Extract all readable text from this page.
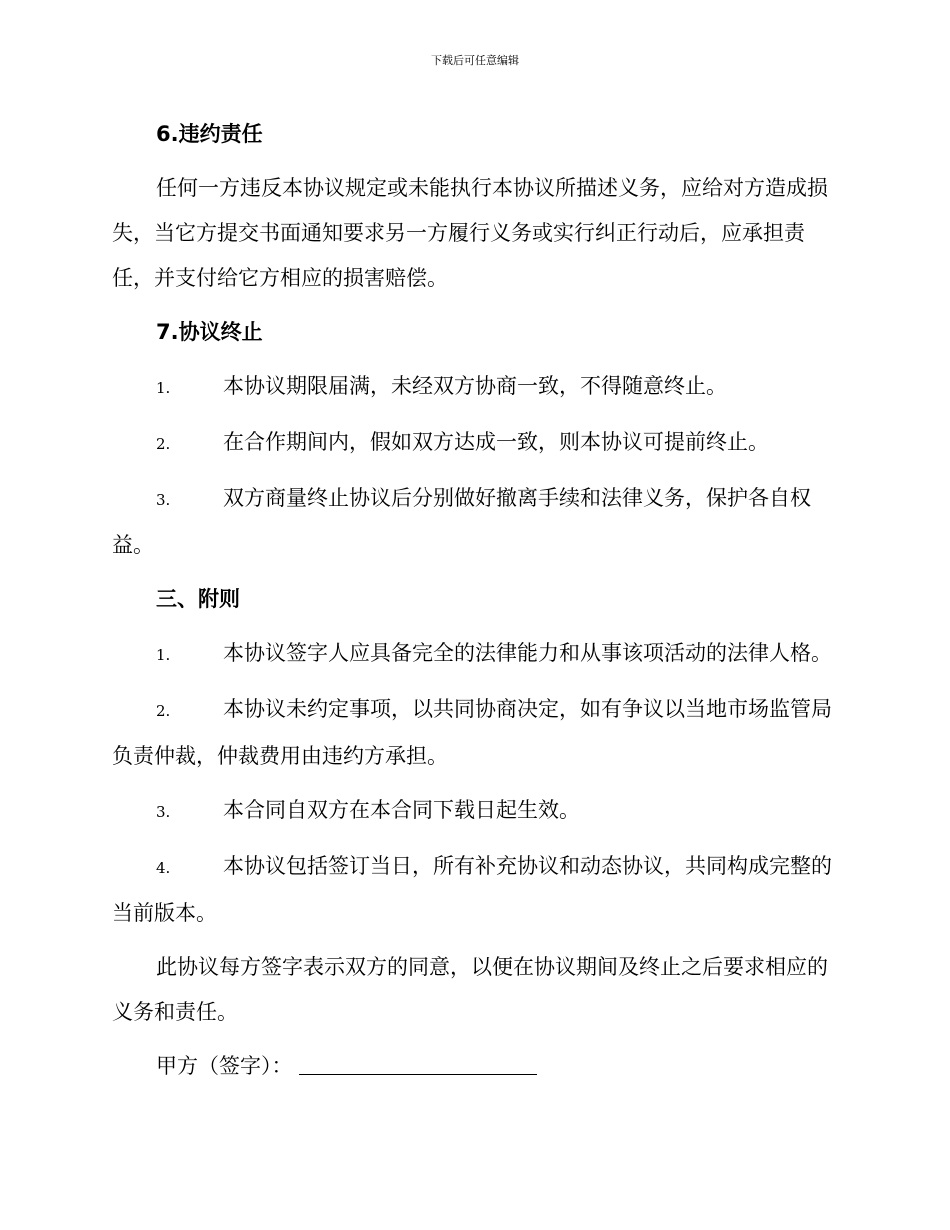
下载后可任意编辑
6.违约责任
任何一方违反本协议规定或未能执行本协议所描述义务，应给对方造成损失，当它方提交书面通知要求另一方履行义务或实行纠正行动后，应承担责任，并支付给它方相应的损害赔偿。
7.协议终止
1.	本协议期限届满，未经双方协商一致，不得随意终止。
2.	在合作期间内，假如双方达成一致，则本协议可提前终止。
3.	双方商量终止协议后分别做好撤离手续和法律义务，保护各自权益。
三、附则
1.	本协议签字人应具备完全的法律能力和从事该项活动的法律人格。
2.	本协议未约定事项，以共同协商决定，如有争议以当地市场监管局负责仲裁，仲裁费用由违约方承担。
3.	本合同自双方在本合同下载日起生效。
4.	本协议包括签订当日，所有补充协议和动态协议，共同构成完整的当前版本。
此协议每方签字表示双方的同意，以便在协议期间及终止之后要求相应的义务和责任。
甲方（签字）：
